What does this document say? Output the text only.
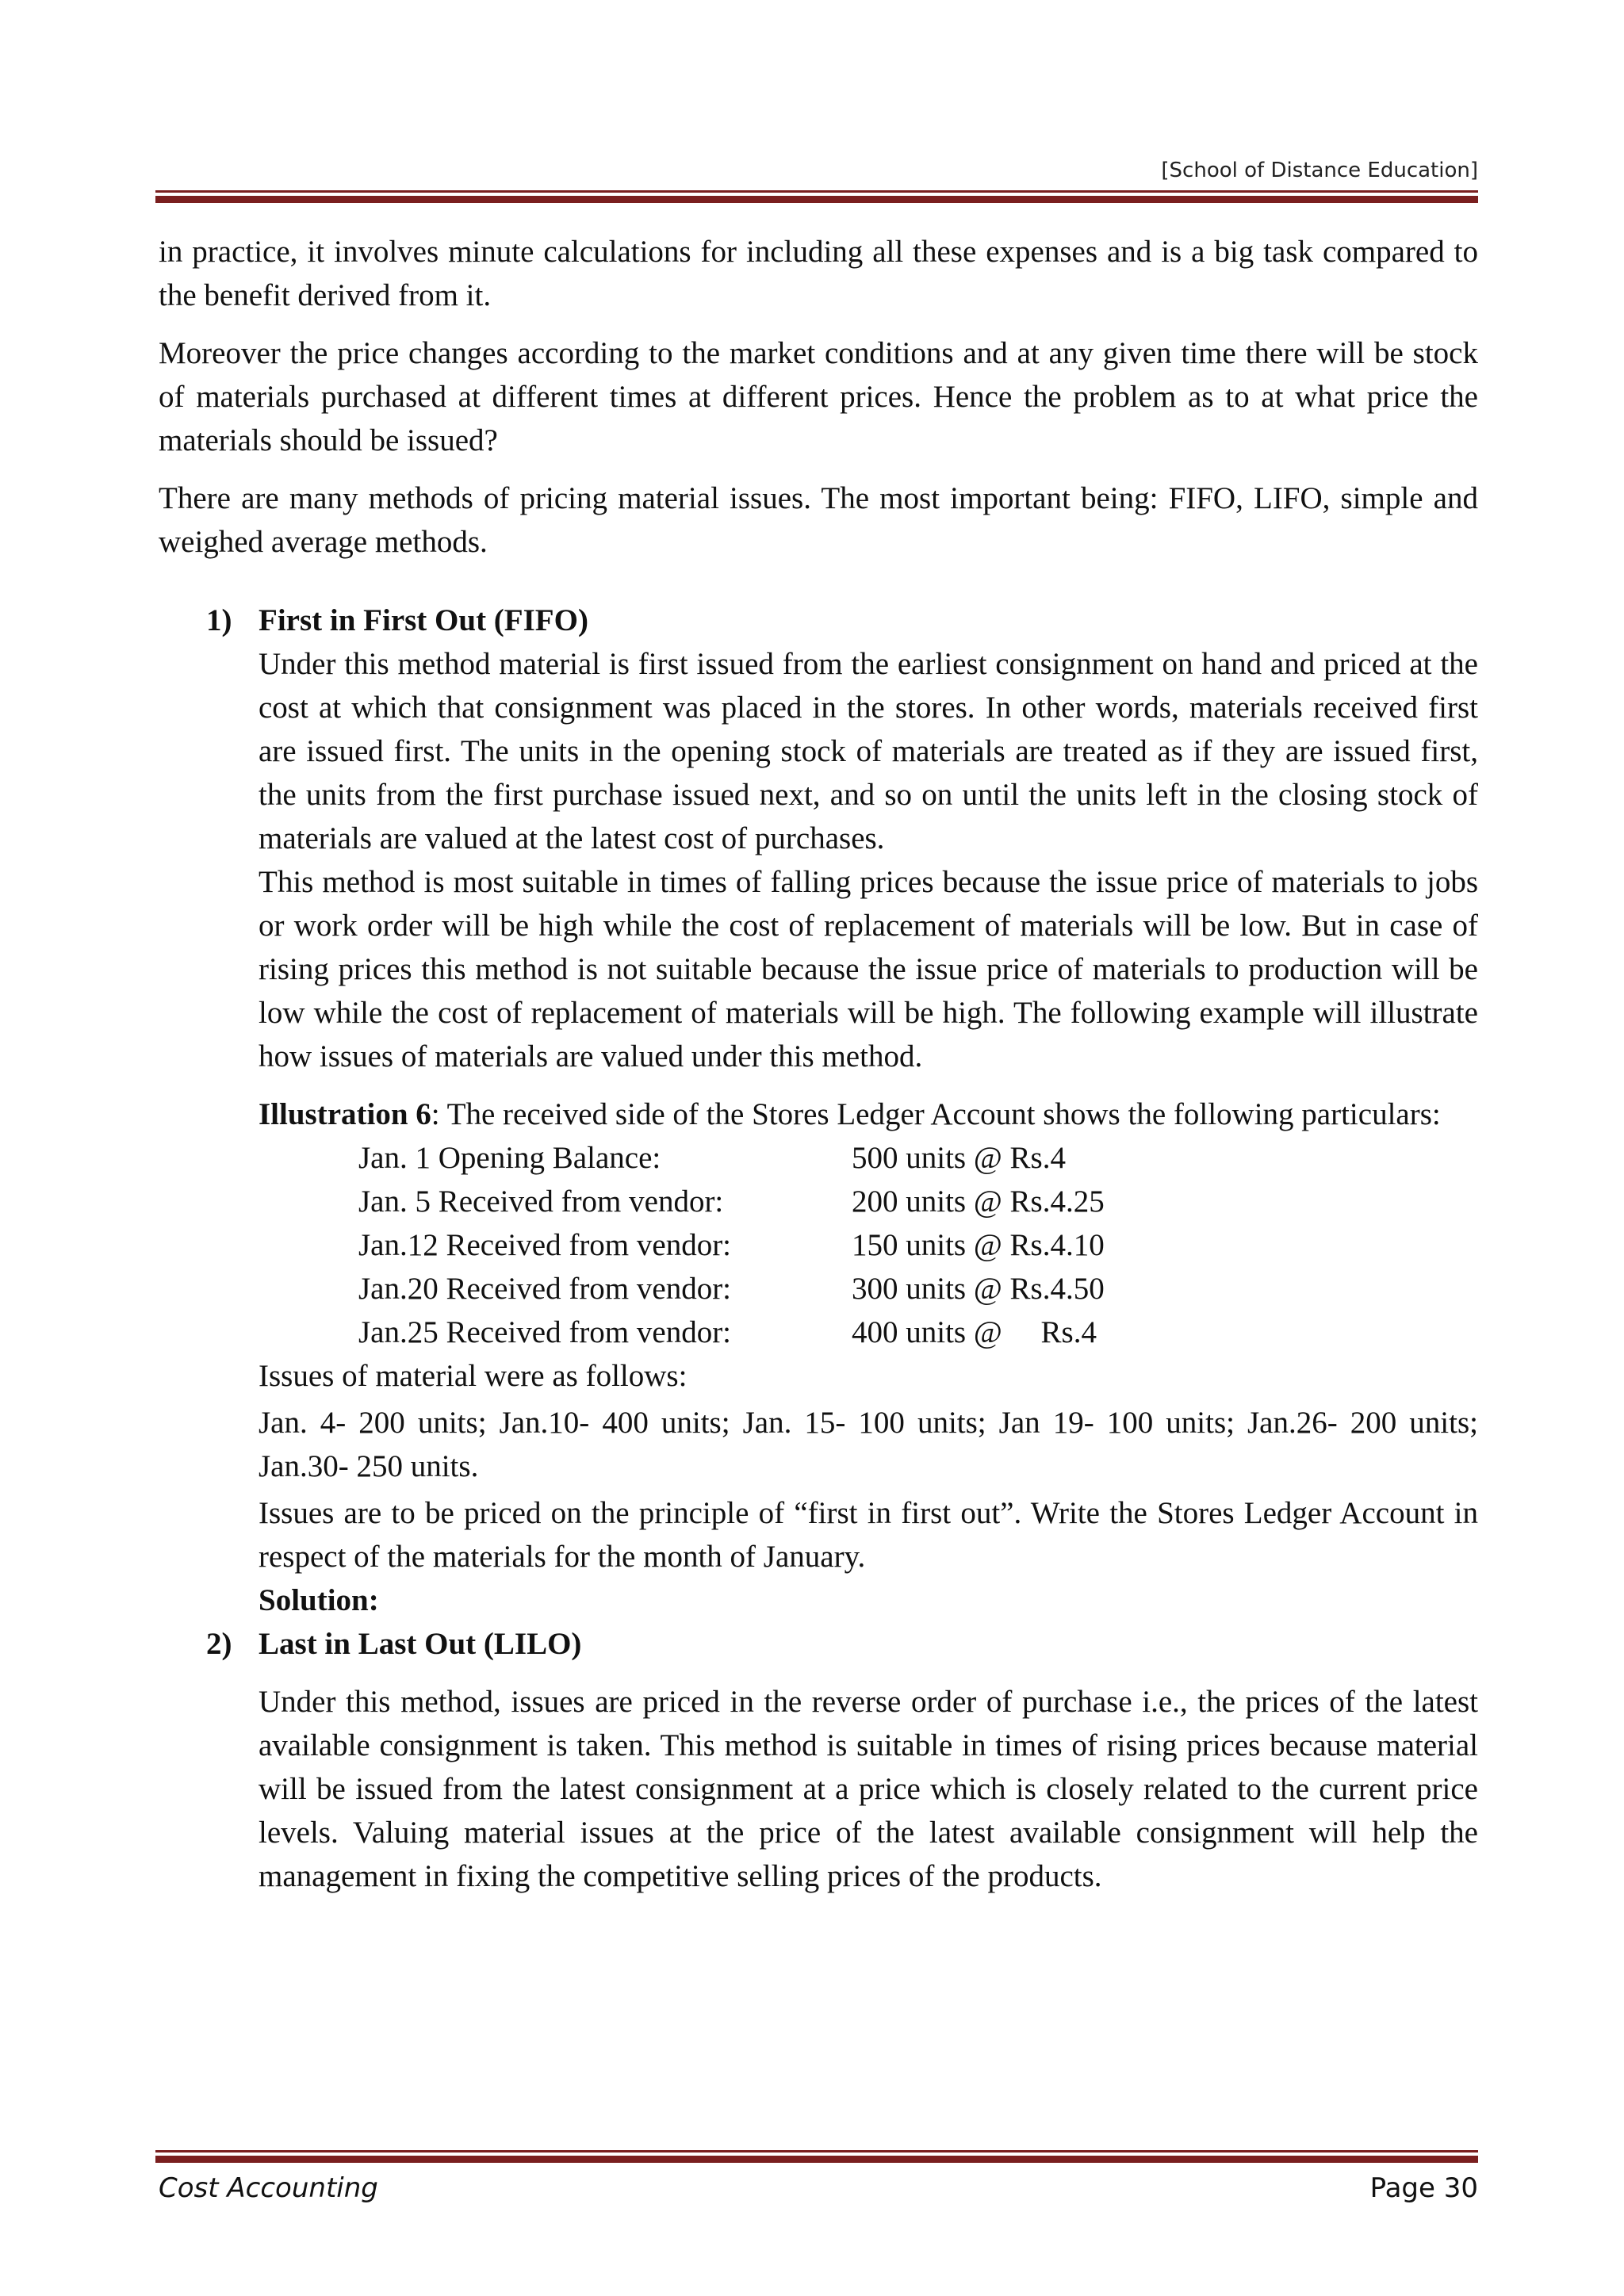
[School of Distance Education]

in practice, it involves minute calculations for including all these expenses and is a big task compared to the benefit derived from it.

Moreover the price changes according to the market conditions and at any given time there will be stock of materials purchased at different times at different prices. Hence the problem as to at what price the materials should be issued?

There are many methods of pricing material issues. The most important being: FIFO, LIFO, simple and weighed average methods.

1) First in First Out (FIFO)

Under this method material is first issued from the earliest consignment on hand and priced at the cost at which that consignment was placed in the stores. In other words, materials received first are issued first. The units in the opening stock of materials are treated as if they are issued first, the units from the first purchase issued next, and so on until the units left in the closing stock of materials are valued at the latest cost of purchases.

This method is most suitable in times of falling prices because the issue price of materials to jobs or work order will be high while the cost of replacement of materials will be low. But in case of rising prices this method is not suitable because the issue price of materials to production will be low while the cost of replacement of materials will be high. The following example will illustrate how issues of materials are valued under this method.

Illustration 6: The received side of the Stores Ledger Account shows the following particulars:

Jan. 1 Opening Balance:	500 units @ Rs.4
Jan. 5 Received from vendor:	200 units @ Rs.4.25
Jan.12 Received from vendor:	150 units @ Rs.4.10
Jan.20 Received from vendor:	300 units @ Rs.4.50
Jan.25 Received from vendor:	400 units @     Rs.4

Issues of material were as follows:

Jan. 4- 200 units; Jan.10- 400 units; Jan. 15- 100 units; Jan 19- 100 units; Jan.26- 200 units; Jan.30- 250 units.

Issues are to be priced on the principle of “first in first out”. Write the Stores Ledger Account in respect of the materials for the month of January.

Solution:

2) Last in Last Out (LILO)

Under this method, issues are priced in the reverse order of purchase i.e., the prices of the latest available consignment is taken. This method is suitable in times of rising prices because material will be issued from the latest consignment at a price which is closely related to the current price levels. Valuing material issues at the price of the latest available consignment will help the management in fixing the competitive selling prices of the products.

Cost Accounting	Page 30
